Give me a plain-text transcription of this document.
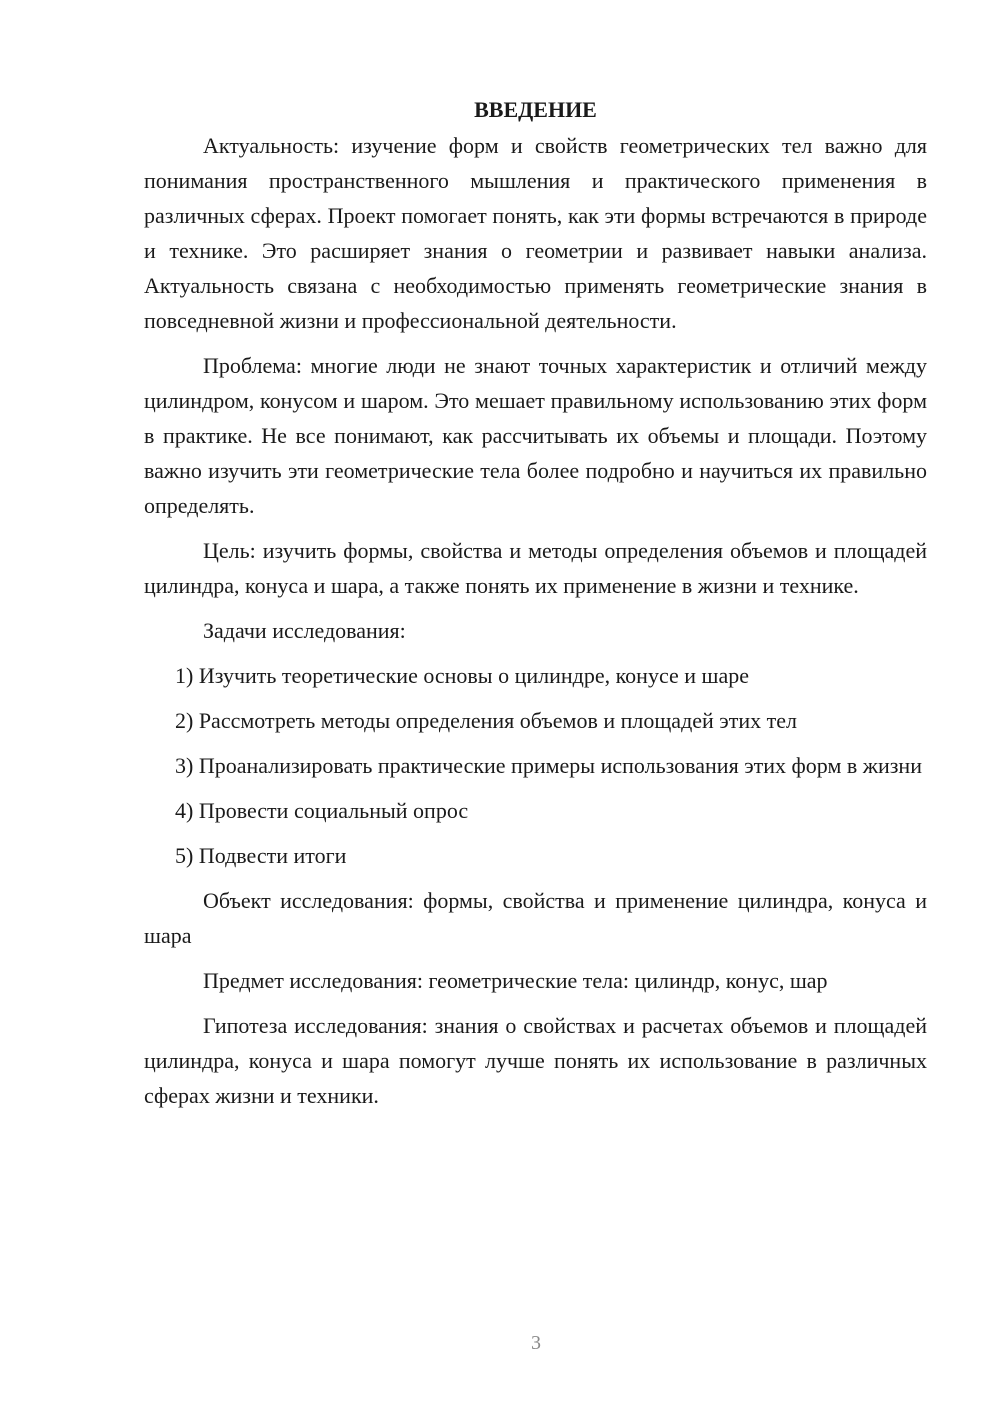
ВВЕДЕНИЕ

Актуальность: изучение форм и свойств геометрических тел важно для понимания пространственного мышления и практического применения в различных сферах. Проект помогает понять, как эти формы встречаются в природе и технике. Это расширяет знания о геометрии и развивает навыки анализа. Актуальность связана с необходимостью применять геометрические знания в повседневной жизни и профессиональной деятельности.

Проблема: многие люди не знают точных характеристик и отличий между цилиндром, конусом и шаром. Это мешает правильному использованию этих форм в практике. Не все понимают, как рассчитывать их объемы и площади. Поэтому важно изучить эти геометрические тела более подробно и научиться их правильно определять.

Цель: изучить формы, свойства и методы определения объемов и площадей цилиндра, конуса и шара, а также понять их применение в жизни и технике.

Задачи исследования:

1) Изучить теоретические основы о цилиндре, конусе и шаре

2) Рассмотреть методы определения объемов и площадей этих тел

3) Проанализировать практические примеры использования этих форм в жизни

4) Провести социальный опрос

5) Подвести итоги

Объект исследования: формы, свойства и применение цилиндра, конуса и шара

Предмет исследования: геометрические тела: цилиндр, конус, шар

Гипотеза исследования: знания о свойствах и расчетах объемов и площадей цилиндра, конуса и шара помогут лучше понять их использование в различных сферах жизни и техники.

3
